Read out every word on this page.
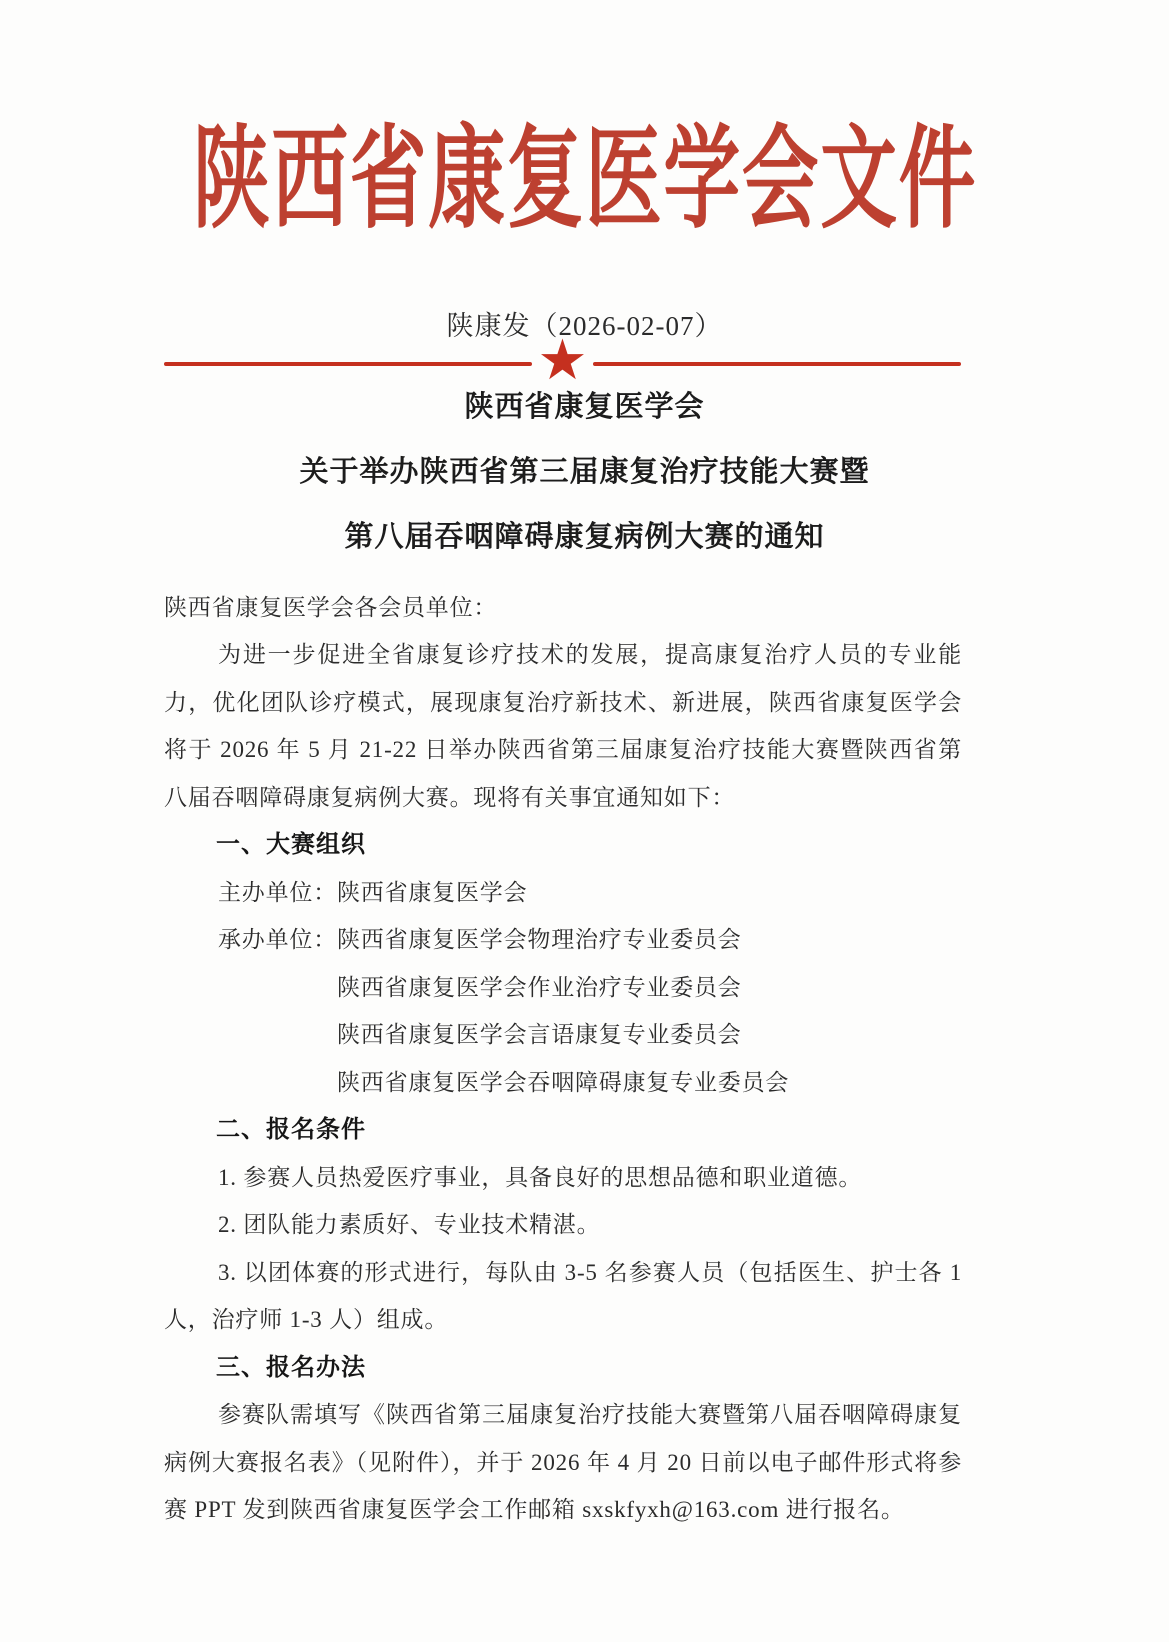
陕西省康复医学会文件
陕康发（2026-02-07）
★
陕西省康复医学会
关于举办陕西省第三届康复治疗技能大赛暨
第八届吞咽障碍康复病例大赛的通知

陕西省康复医学会各会员单位：

为进一步促进全省康复诊疗技术的发展，提高康复治疗人员的专业能力，优化团队诊疗模式，展现康复治疗新技术、新进展，陕西省康复医学会将于 2026 年 5 月 21-22 日举办陕西省第三届康复治疗技能大赛暨陕西省第八届吞咽障碍康复病例大赛。现将有关事宜通知如下：

一、大赛组织

主办单位：陕西省康复医学会

承办单位： 陕西省康复医学会物理治疗专业委员会
陕西省康复医学会作业治疗专业委员会
陕西省康复医学会言语康复专业委员会
陕西省康复医学会吞咽障碍康复专业委员会

二、报名条件

1. 参赛人员热爱医疗事业，具备良好的思想品德和职业道德。

2. 团队能力素质好、专业技术精湛。

3. 以团体赛的形式进行，每队由 3-5 名参赛人员（包括医生、护士各 1 人，治疗师 1-3 人）组成。

三、报名办法

参赛队需填写《陕西省第三届康复治疗技能大赛暨第八届吞咽障碍康复病例大赛报名表》（见附件），并于 2026 年 4 月 20 日前以电子邮件形式将参赛 PPT 发到陕西省康复医学会工作邮箱 sxskfyxh@163.com 进行报名。
